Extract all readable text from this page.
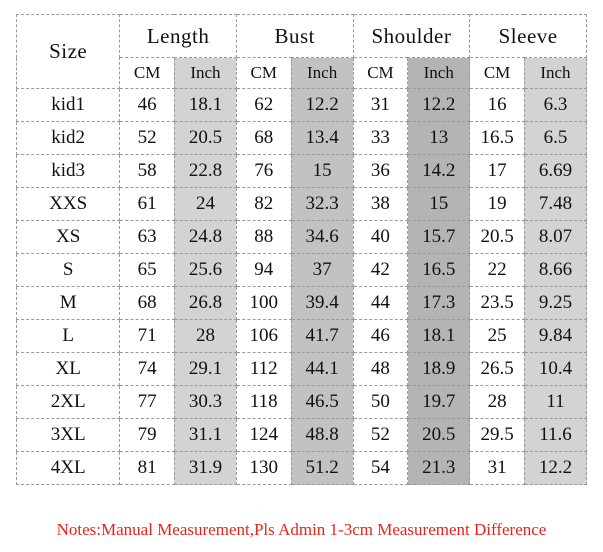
Size	Length		Bust		Shoulder		Sleeve	
	CM	Inch	CM	Inch	CM	Inch	CM	Inch
kid1	46	18.1	62	12.2	31	12.2	16	6.3
kid2	52	20.5	68	13.4	33	13	16.5	6.5
kid3	58	22.8	76	15	36	14.2	17	6.69
XXS	61	24	82	32.3	38	15	19	7.48
XS	63	24.8	88	34.6	40	15.7	20.5	8.07
S	65	25.6	94	37	42	16.5	22	8.66
M	68	26.8	100	39.4	44	17.3	23.5	9.25
L	71	28	106	41.7	46	18.1	25	9.84
XL	74	29.1	112	44.1	48	18.9	26.5	10.4
2XL	77	30.3	118	46.5	50	19.7	28	11
3XL	79	31.1	124	48.8	52	20.5	29.5	11.6
4XL	81	31.9	130	51.2	54	21.3	31	12.2
Notes:Manual Measurement,Pls Admin 1-3cm Measurement Difference
